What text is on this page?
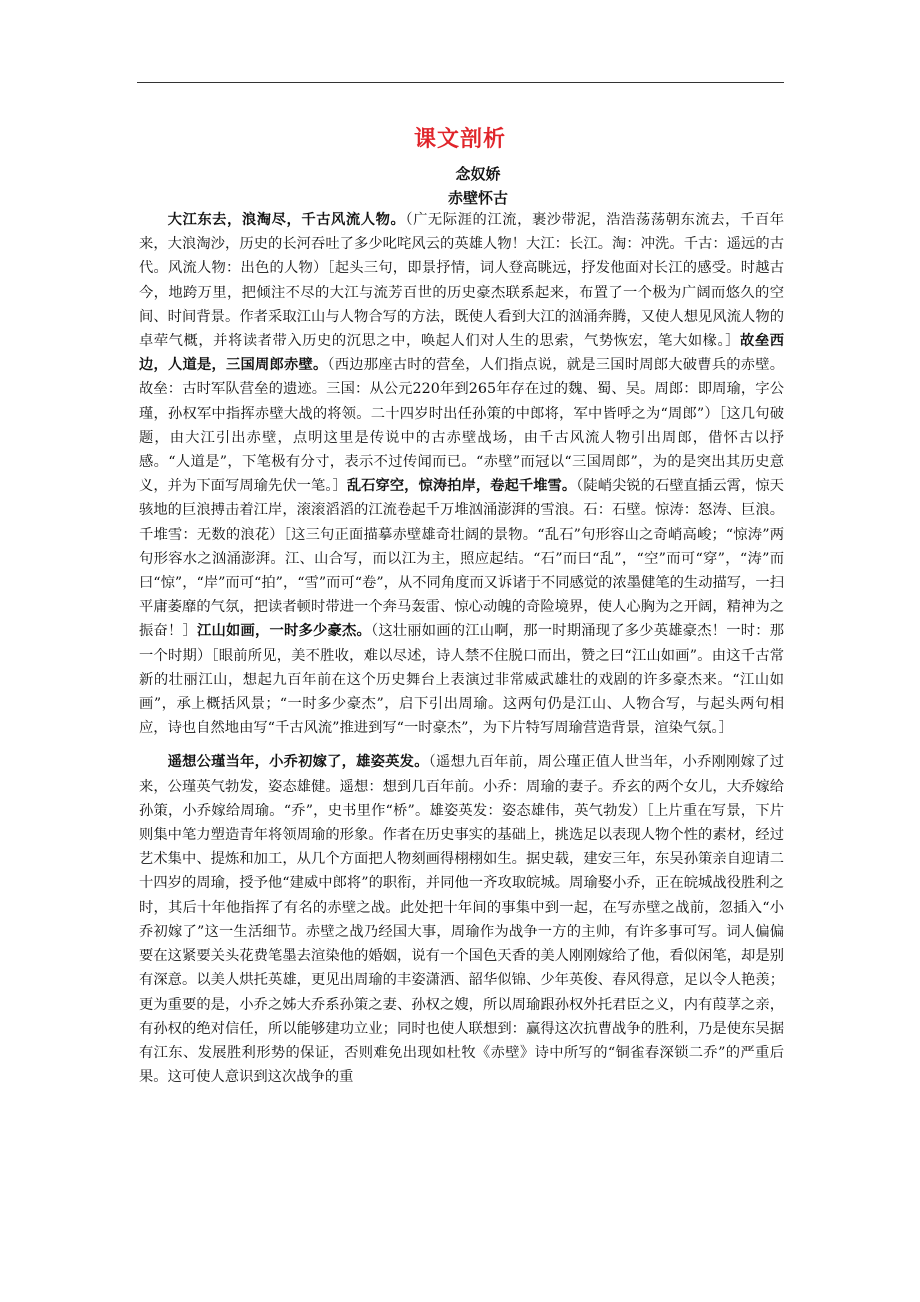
课文剖析
念奴娇
赤壁怀古

大江东去，浪淘尽，千古风流人物。（广无际涯的江流，裹沙带泥，浩浩荡荡朝东流去，千百年来，大浪淘沙，历史的长河吞吐了多少叱咤风云的英雄人物！大江：长江。淘：冲洗。千古：遥远的古代。风流人物：出色的人物）［起头三句，即景抒情，词人登高眺远，抒发他面对长江的感受。时越古今，地跨万里，把倾注不尽的大江与流芳百世的历史豪杰联系起来，布置了一个极为广阔而悠久的空间、时间背景。作者采取江山与人物合写的方法，既使人看到大江的汹涌奔腾，又使人想见风流人物的卓荦气概，并将读者带入历史的沉思之中，唤起人们对人生的思索，气势恢宏，笔大如椽。］故垒西边，人道是，三国周郎赤壁。（西边那座古时的营垒，人们指点说，就是三国时周郎大破曹兵的赤壁。故垒：古时军队营垒的遗迹。三国：从公元220年到265年存在过的魏、蜀、吴。周郎：即周瑜，字公瑾，孙权军中指挥赤壁大战的将领。二十四岁时出任孙策的中郎将，军中皆呼之为“周郎”）［这几句破题，由大江引出赤壁，点明这里是传说中的古赤壁战场，由千古风流人物引出周郎，借怀古以抒感。“人道是”，下笔极有分寸，表示不过传闻而已。“赤壁”而冠以“三国周郎”，为的是突出其历史意义，并为下面写周瑜先伏一笔。］乱石穿空，惊涛拍岸，卷起千堆雪。（陡峭尖锐的石壁直插云霄，惊天骇地的巨浪搏击着江岸，滚滚滔滔的江流卷起千万堆汹涌澎湃的雪浪。石：石壁。惊涛：怒涛、巨浪。千堆雪：无数的浪花）［这三句正面描摹赤壁雄奇壮阔的景物。“乱石”句形容山之奇峭高峻；“惊涛”两句形容水之汹涌澎湃。江、山合写，而以江为主，照应起结。“石”而曰“乱”，“空”而可“穿”，“涛”而曰“惊”，“岸”而可“拍”，“雪”而可“卷”，从不同角度而又诉诸于不同感觉的浓墨健笔的生动描写，一扫平庸萎靡的气氛，把读者顿时带进一个奔马轰雷、惊心动魄的奇险境界，使人心胸为之开阔，精神为之振奋！］江山如画，一时多少豪杰。（这壮丽如画的江山啊，那一时期涌现了多少英雄豪杰！一时：那一个时期）［眼前所见，美不胜收，难以尽述，诗人禁不住脱口而出，赞之曰“江山如画”。由这千古常新的壮丽江山，想起九百年前在这个历史舞台上表演过非常威武雄壮的戏剧的许多豪杰来。“江山如画”，承上概括风景；“一时多少豪杰”，启下引出周瑜。这两句仍是江山、人物合写，与起头两句相应，诗也自然地由写“千古风流”推进到写“一时豪杰”，为下片特写周瑜营造背景，渲染气氛。］

遥想公瑾当年，小乔初嫁了，雄姿英发。（遥想九百年前，周公瑾正值人世当年，小乔刚刚嫁了过来，公瑾英气勃发，姿态雄健。遥想：想到几百年前。小乔：周瑜的妻子。乔玄的两个女儿，大乔嫁给孙策，小乔嫁给周瑜。“乔”，史书里作“桥”。雄姿英发：姿态雄伟，英气勃发）［上片重在写景，下片则集中笔力塑造青年将领周瑜的形象。作者在历史事实的基础上，挑选足以表现人物个性的素材，经过艺术集中、提炼和加工，从几个方面把人物刻画得栩栩如生。据史载，建安三年，东吴孙策亲自迎请二十四岁的周瑜，授予他“建威中郎将”的职衔，并同他一齐攻取皖城。周瑜娶小乔，正在皖城战役胜利之时，其后十年他指挥了有名的赤壁之战。此处把十年间的事集中到一起，在写赤壁之战前，忽插入“小乔初嫁了”这一生活细节。赤壁之战乃经国大事，周瑜作为战争一方的主帅，有许多事可写。词人偏偏要在这紧要关头花费笔墨去渲染他的婚姻，说有一个国色天香的美人刚刚嫁给了他，看似闲笔，却是别有深意。以美人烘托英雄，更见出周瑜的丰姿潇洒、韶华似锦、少年英俊、春风得意，足以令人艳羡；更为重要的是，小乔之姊大乔系孙策之妻、孙权之嫂，所以周瑜跟孙权外托君臣之义，内有葭莩之亲，有孙权的绝对信任，所以能够建功立业；同时也使人联想到：赢得这次抗曹战争的胜利，乃是使东吴据有江东、发展胜利形势的保证，否则难免出现如杜牧《赤壁》诗中所写的“铜雀春深锁二乔”的严重后果。这可使人意识到这次战争的重
